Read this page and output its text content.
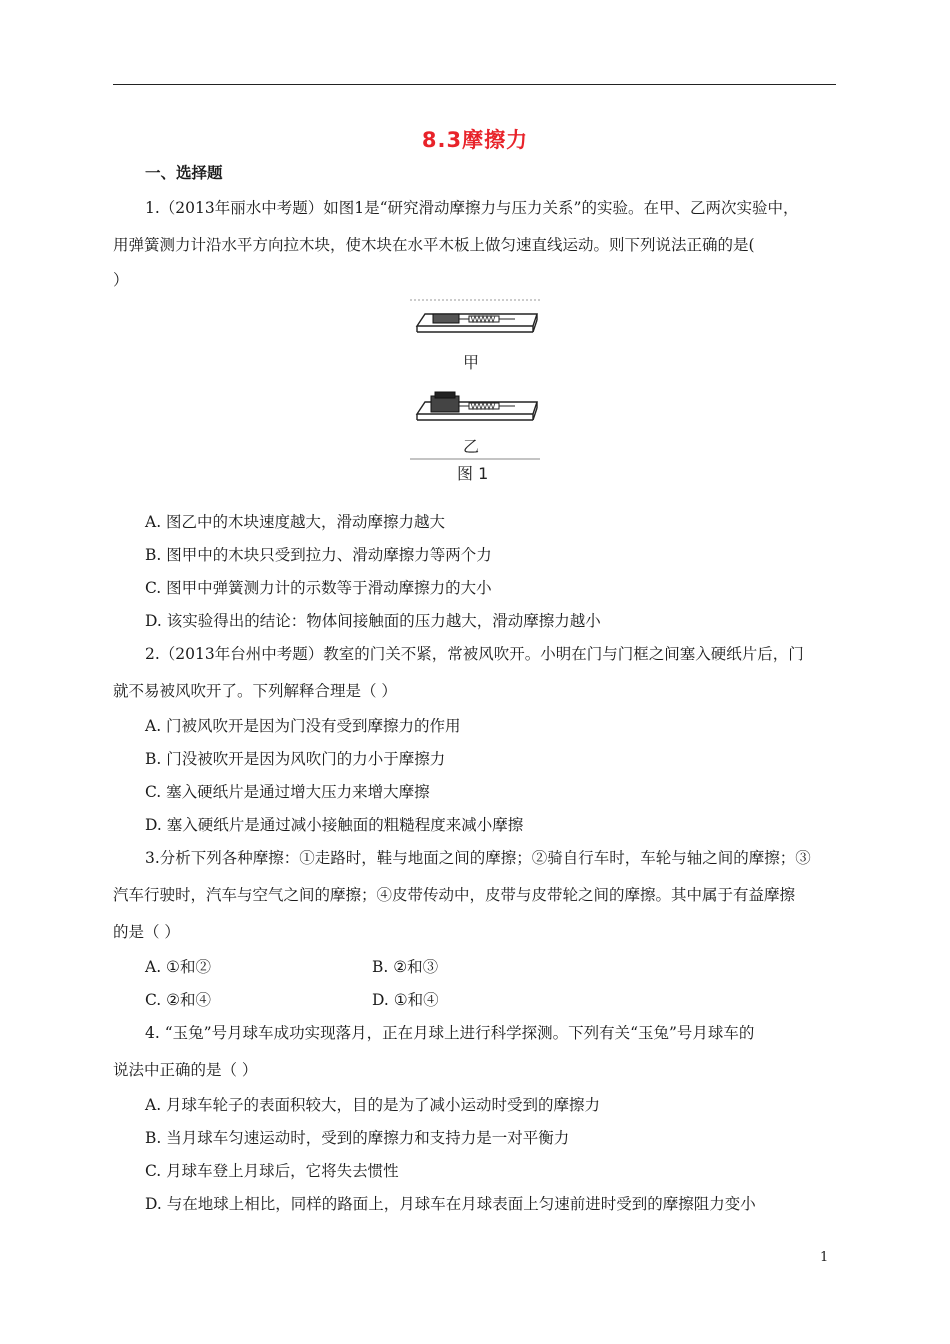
8.3摩擦力
一、选择题
1.（2013年丽水中考题）如图1是“研究滑动摩擦力与压力关系”的实验。在甲、乙两次实验中，
用弹簧测力计沿水平方向拉木块，使木块在水平木板上做匀速直线运动。则下列说法正确的是(
）
甲
乙
图 1
A. 图乙中的木块速度越大，滑动摩擦力越大
B. 图甲中的木块只受到拉力、滑动摩擦力等两个力
C. 图甲中弹簧测力计的示数等于滑动摩擦力的大小
D. 该实验得出的结论：物体间接触面的压力越大，滑动摩擦力越小
2.（2013年台州中考题）教室的门关不紧，常被风吹开。小明在门与门框之间塞入硬纸片后，门
就不易被风吹开了。下列解释合理是（ ）
A. 门被风吹开是因为门没有受到摩擦力的作用
B. 门没被吹开是因为风吹门的力小于摩擦力
C. 塞入硬纸片是通过增大压力来增大摩擦
D. 塞入硬纸片是通过减小接触面的粗糙程度来减小摩擦
3.分析下列各种摩擦：①走路时，鞋与地面之间的摩擦；②骑自行车时，车轮与轴之间的摩擦；③
汽车行驶时，汽车与空气之间的摩擦；④皮带传动中，皮带与皮带轮之间的摩擦。其中属于有益摩擦
的是（ ）
A. ①和②	B. ②和③
C. ②和④	D. ①和④
4. “玉兔”号月球车成功实现落月，正在月球上进行科学探测。下列有关“玉兔”号月球车的
说法中正确的是（ ）
A. 月球车轮子的表面积较大，目的是为了减小运动时受到的摩擦力
B. 当月球车匀速运动时，受到的摩擦力和支持力是一对平衡力
C. 月球车登上月球后，它将失去惯性
D. 与在地球上相比，同样的路面上，月球车在月球表面上匀速前进时受到的摩擦阻力变小
1
